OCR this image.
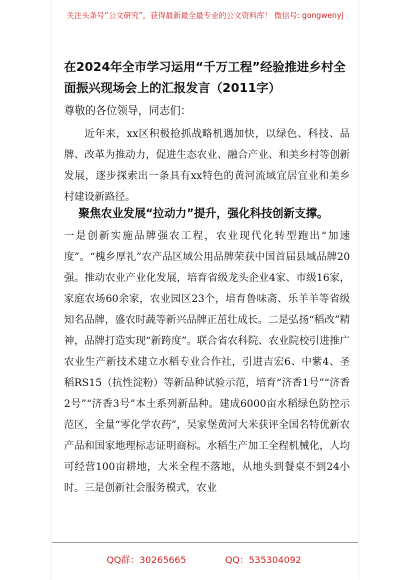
关注头条号“公文研究”，获得最新最全最专业的公文资料库！ 微信号: gongwenyj
在2024年全市学习运用“千万工程”经验推进乡村全面振兴现场会上的汇报发言（2011字）
尊敬的各位领导，同志们：
近年来，xx区积极抢抓战略机遇加快，以绿色、科技、品牌、改革为推动力，促进生态农业、融合产业、和美乡村等创新发展，逐步探索出一条具有xx特色的黄河流域宜居宜业和美乡村建设新路径。
聚焦农业发展“拉动力”提升，强化科技创新支撑。
一是创新实施品牌强农工程，农业现代化转型跑出“加速度”。“槐乡厚礼”农产品区域公用品牌荣获中国首届县域品牌20强。推动农业产业化发展，培育省级龙头企业4家、市级16家，家庭农场60余家，农业园区23个，培育鲁味斋、乐羊羊等省级知名品牌，盛农时蔬等新兴品牌正茁壮成长。二是弘扬“稻改”精神，品牌打造实现“新跨度”。联合省农科院、农业院校引进推广农业生产新技术建立水稻专业合作社，引进吉宏6、中紫4、圣稻RS15（抗性淀粉）等新品种试验示范，培育“济香1号”“济香2号”“济香3号”本土系列新品种。建成6000亩水稻绿色防控示范区，全量“零化学农药”，吴家堡黄河大米获评全国名特优新农产品和国家地理标志证明商标。水稻生产加工全程机械化，人均可经营100亩耕地，大米全程不落地，从地头到餐桌不到24小时。三是创新社会服务模式，农业
QQ群：30265665	QQ：535304092
